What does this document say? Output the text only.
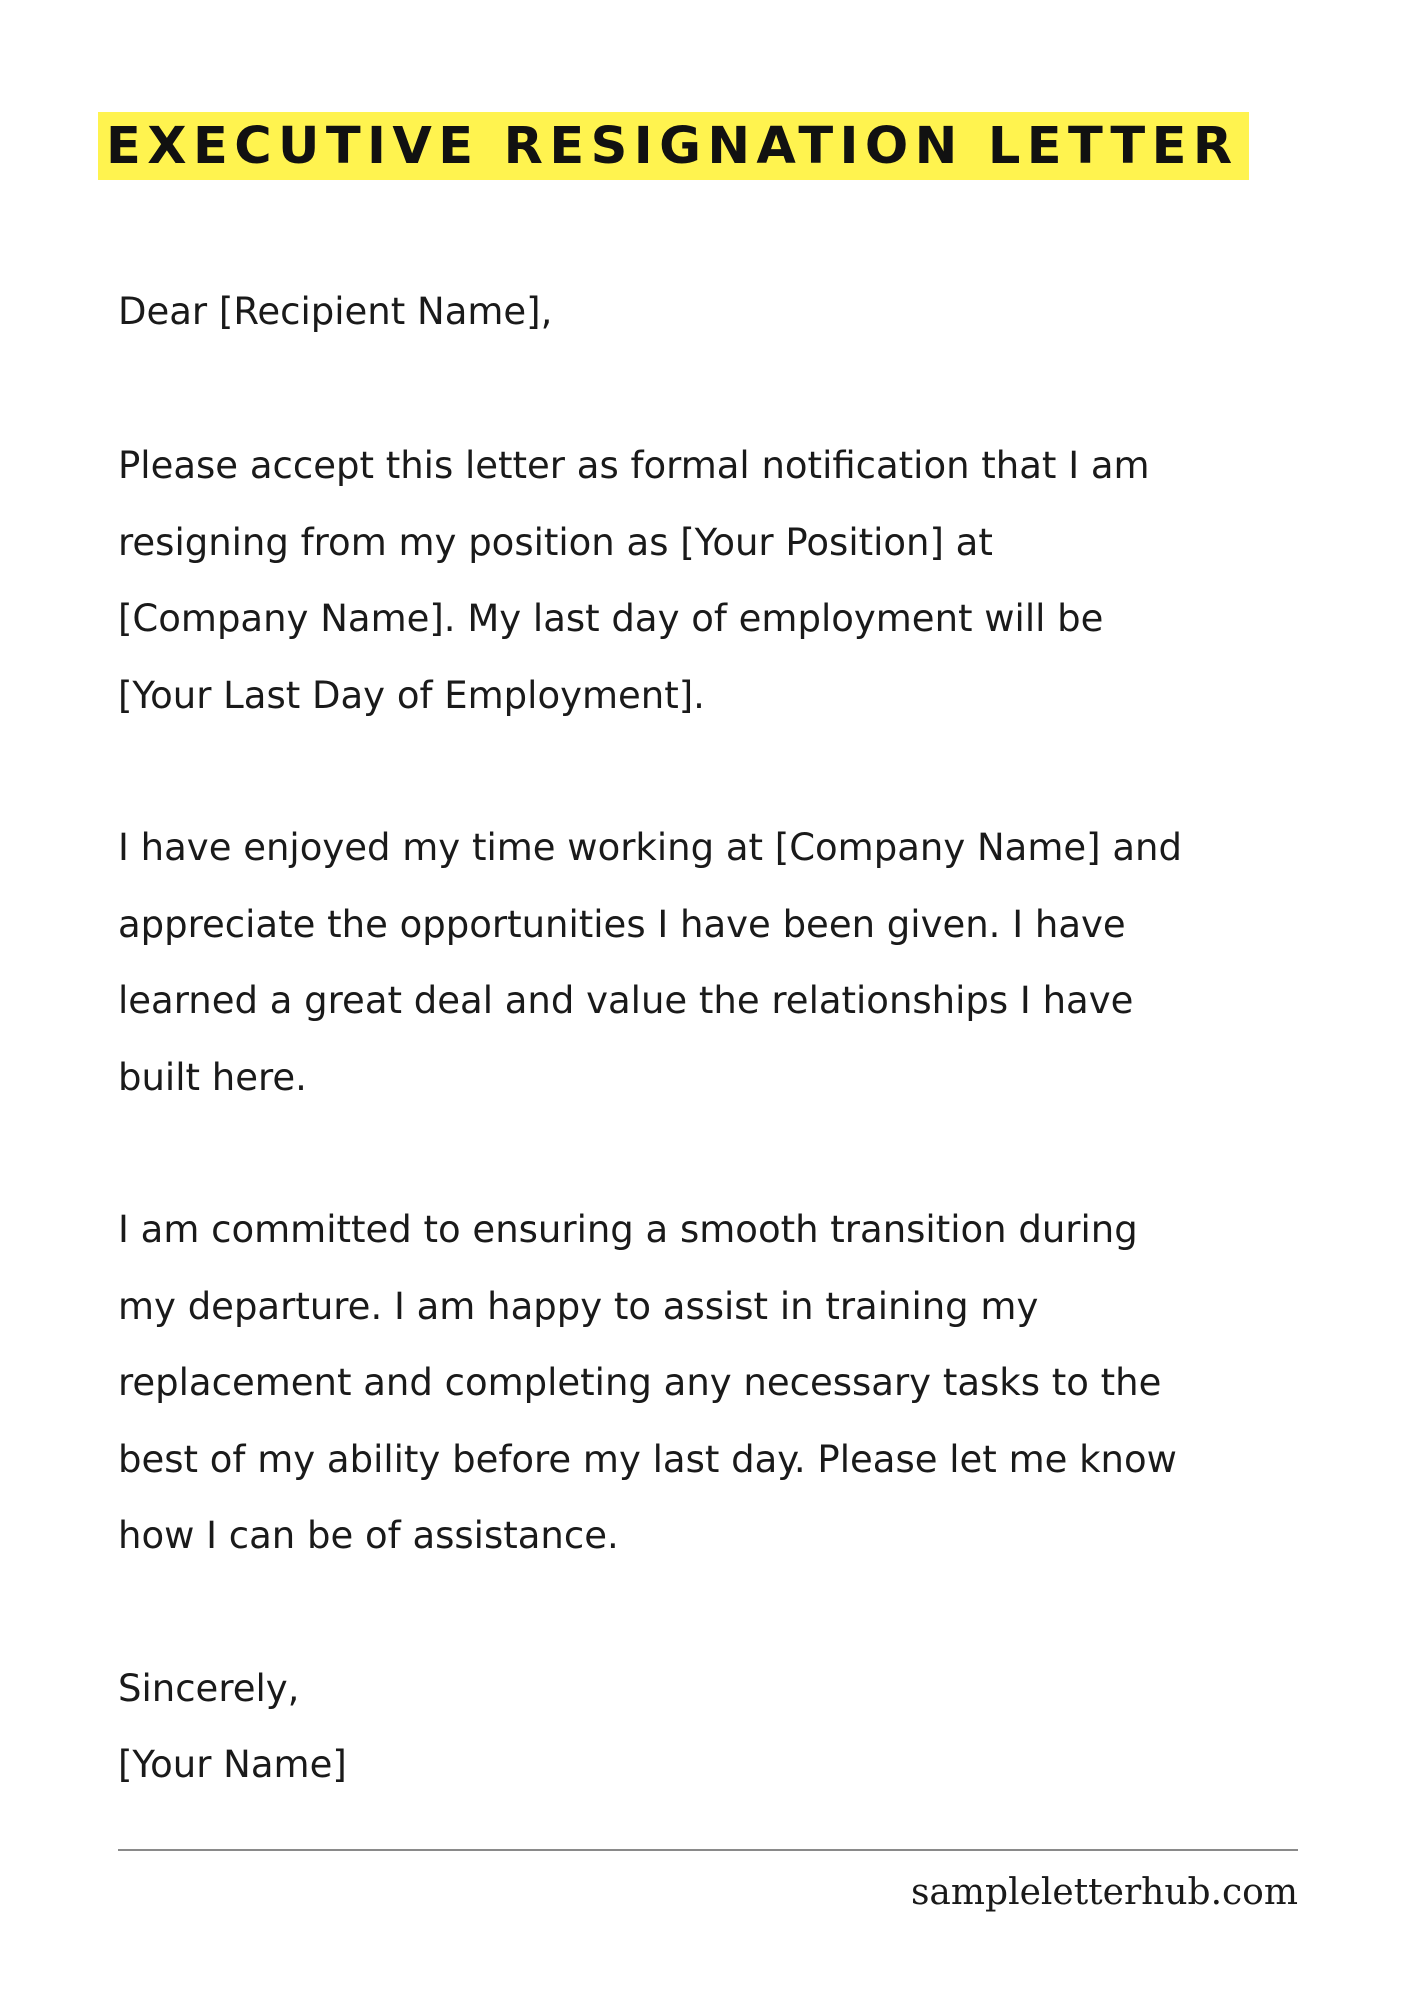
EXECUTIVE RESIGNATION LETTER

Dear [Recipient Name],

Please accept this letter as formal notification that I am
resigning from my position as [Your Position] at
[Company Name]. My last day of employment will be
[Your Last Day of Employment].

I have enjoyed my time working at [Company Name] and
appreciate the opportunities I have been given. I have
learned a great deal and value the relationships I have
built here.

I am committed to ensuring a smooth transition during
my departure. I am happy to assist in training my
replacement and completing any necessary tasks to the
best of my ability before my last day. Please let me know
how I can be of assistance.

Sincerely,

[Your Name]

sampleletterhub.com
